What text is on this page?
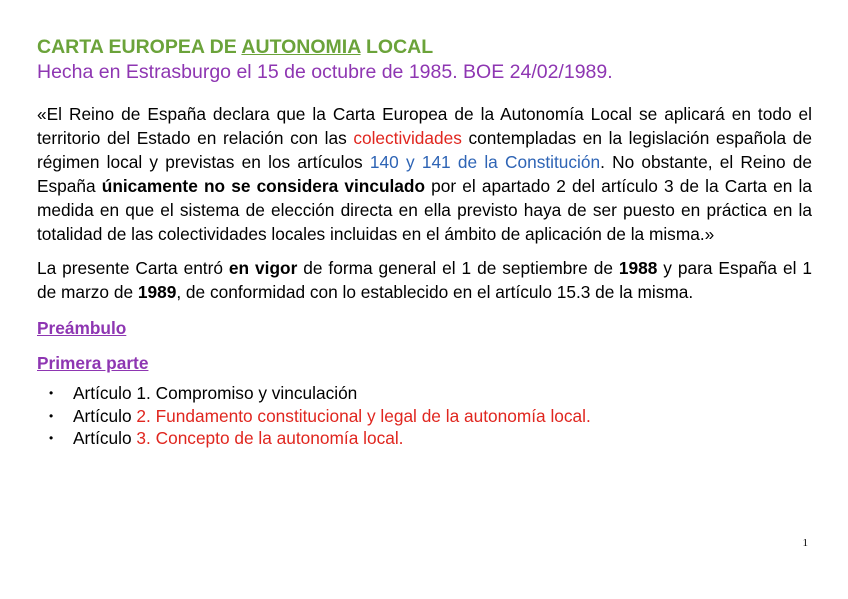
CARTA EUROPEA DE AUTONOMIA LOCAL

Hecha en Estrasburgo el 15 de octubre de 1985. BOE 24/02/1989.

«El Reino de España declara que la Carta Europea de la Autonomía Local se aplicará en todo el territorio del Estado en relación con las colectividades contempladas en la legislación española de régimen local y previstas en los artículos 140 y 141 de la Constitución. No obstante, el Reino de España únicamente no se considera vinculado por el apartado 2 del artículo 3 de la Carta en la medida en que el sistema de elección directa en ella previsto haya de ser puesto en práctica en la totalidad de las colectividades locales incluidas en el ámbito de aplicación de la misma.»

La presente Carta entró en vigor de forma general el 1 de septiembre de 1988 y para España el 1 de marzo de 1989, de conformidad con lo establecido en el artículo 15.3 de la misma.

Preámbulo
Primera parte
• Artículo 1. Compromiso y vinculación
• Artículo 2. Fundamento constitucional y legal de la autonomía local.
• Artículo 3. Concepto de la autonomía local.
1
